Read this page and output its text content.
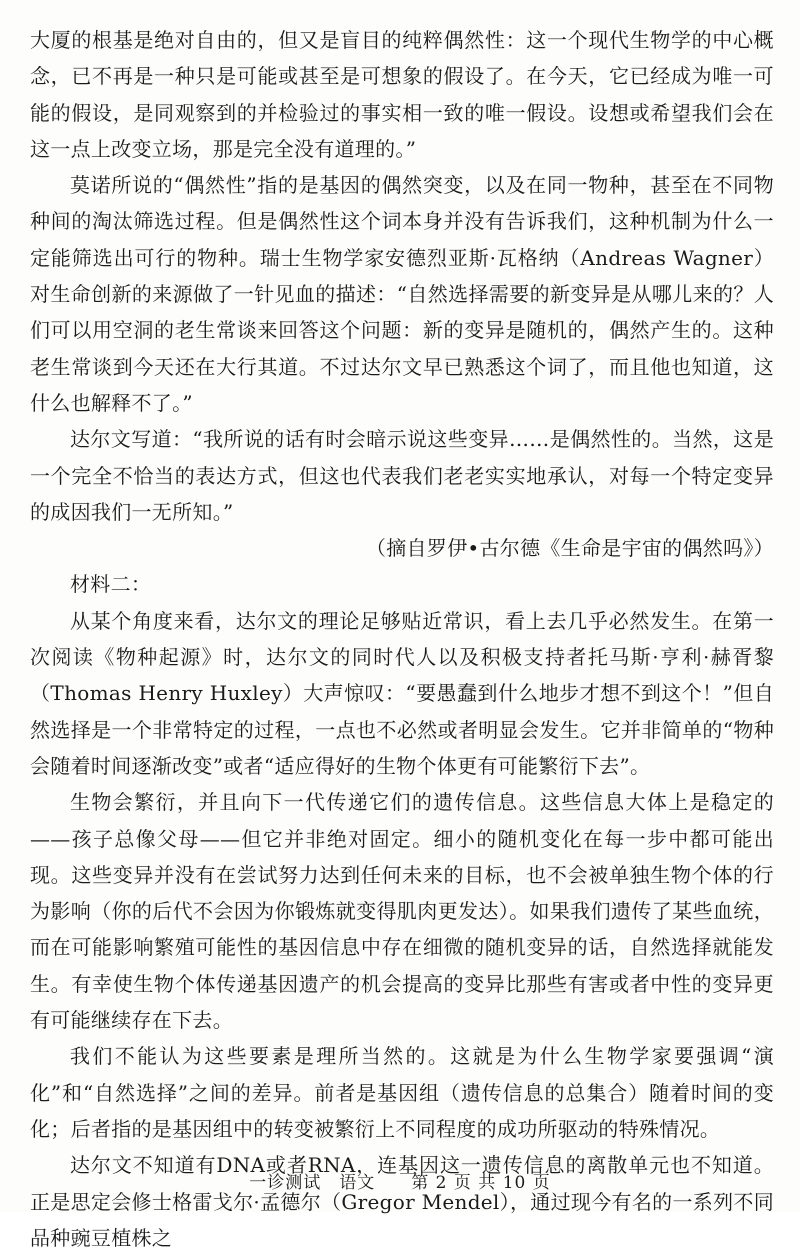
大厦的根基是绝对自由的，但又是盲目的纯粹偶然性：这一个现代生物学的中心概念，已不再是一种只是可能或甚至是可想象的假设了。在今天，它已经成为唯一可能的假设，是同观察到的并检验过的事实相一致的唯一假设。设想或希望我们会在这一点上改变立场，那是完全没有道理的。”

莫诺所说的“偶然性”指的是基因的偶然突变，以及在同一物种，甚至在不同物种间的淘汰筛选过程。但是偶然性这个词本身并没有告诉我们，这种机制为什么一定能筛选出可行的物种。瑞士生物学家安德烈亚斯·瓦格纳（Andreas Wagner）对生命创新的来源做了一针见血的描述：“自然选择需要的新变异是从哪儿来的？人们可以用空洞的老生常谈来回答这个问题：新的变异是随机的，偶然产生的。这种老生常谈到今天还在大行其道。不过达尔文早已熟悉这个词了，而且他也知道，这什么也解释不了。”

达尔文写道：“我所说的话有时会暗示说这些变异……是偶然性的。当然，这是一个完全不恰当的表达方式，但这也代表我们老老实实地承认，对每一个特定变异的成因我们一无所知。”

（摘自罗伊•古尔德《生命是宇宙的偶然吗》）

材料二：

从某个角度来看，达尔文的理论足够贴近常识，看上去几乎必然发生。在第一次阅读《物种起源》时，达尔文的同时代人以及积极支持者托马斯·亨利·赫胥黎（Thomas Henry Huxley）大声惊叹：“要愚蠢到什么地步才想不到这个！”但自然选择是一个非常特定的过程，一点也不必然或者明显会发生。它并非简单的“物种会随着时间逐渐改变”或者“适应得好的生物个体更有可能繁衍下去”。

生物会繁衍，并且向下一代传递它们的遗传信息。这些信息大体上是稳定的——孩子总像父母——但它并非绝对固定。细小的随机变化在每一步中都可能出现。这些变异并没有在尝试努力达到任何未来的目标，也不会被单独生物个体的行为影响（你的后代不会因为你锻炼就变得肌肉更发达）。如果我们遗传了某些血统，而在可能影响繁殖可能性的基因信息中存在细微的随机变异的话，自然选择就能发生。有幸使生物个体传递基因遗产的机会提高的变异比那些有害或者中性的变异更有可能继续存在下去。

我们不能认为这些要素是理所当然的。这就是为什么生物学家要强调“演化”和“自然选择”之间的差异。前者是基因组（遗传信息的总集合）随着时间的变化；后者指的是基因组中的转变被繁衍上不同程度的成功所驱动的特殊情况。

达尔文不知道有DNA或者RNA，连基因这一遗传信息的离散单元也不知道。正是思定会修士格雷戈尔·孟德尔（Gregor Mendel），通过现今有名的一系列不同品种豌豆植株之

一诊测试　语文　　第 2 页 共 10 页
